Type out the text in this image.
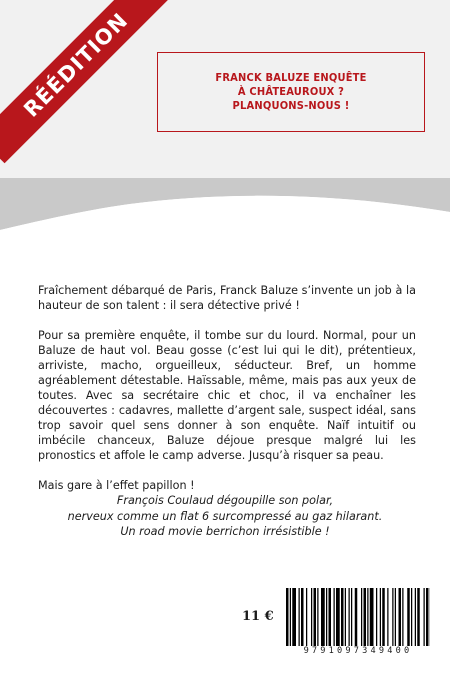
RÉÉDITION	FRANCK BALUZE ENQUÊTE
À CHÂTEAUROUX ?
PLANQUONS-NOUS !

Fraîchement débarqué de Paris, Franck Baluze s’invente un job à la hauteur de son talent : il sera détective privé !

Pour sa première enquête, il tombe sur du lourd. Normal, pour un Baluze de haut vol. Beau gosse (c’est lui qui le dit), prétentieux, arriviste, macho, orgueilleux, séducteur. Bref, un homme agréablement détestable. Haïssable, même, mais pas aux yeux de toutes. Avec sa secrétaire chic et choc, il va enchaîner les découvertes : cadavres, mallette d’argent sale, suspect idéal, sans trop savoir quel sens donner à son enquête. Naïf intuitif ou imbécile chanceux, Baluze déjoue presque malgré lui les pronostics et affole le camp adverse. Jusqu’à risquer sa peau.

Mais gare à l’effet papillon !

François Coulaud dégoupille son polar,
nerveux comme un flat 6 surcompressé au gaz hilarant.
Un road movie berrichon irrésistible !
11 €
9791097349400
